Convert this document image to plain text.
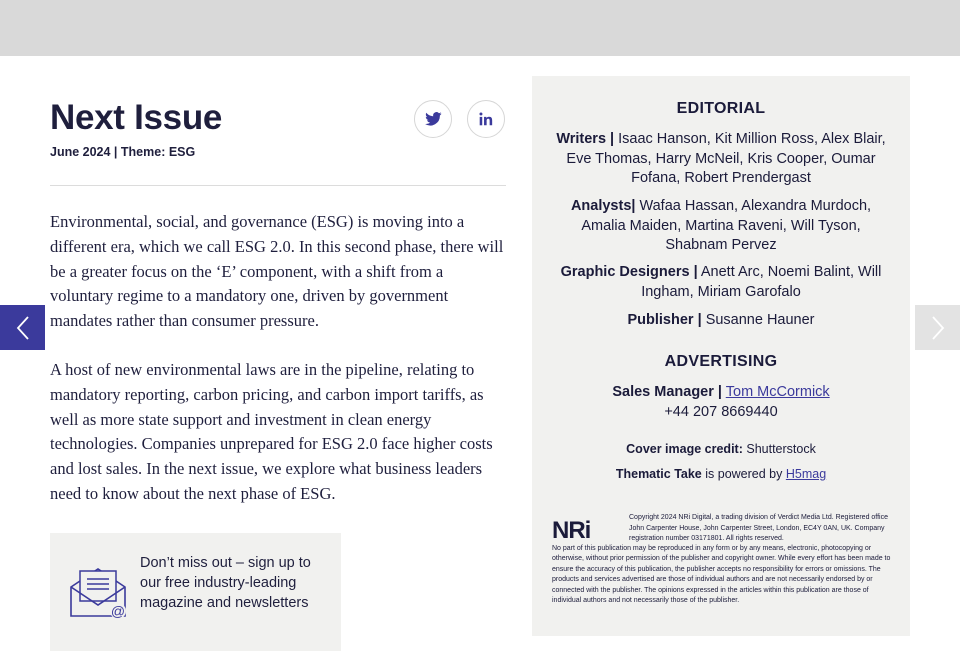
Next Issue
June 2024 | Theme: ESG

Environmental, social, and governance (ESG) is moving into a different era, which we call ESG 2.0. In this second phase, there will be a greater focus on the ‘E’ component, with a shift from a voluntary regime to a mandatory one, driven by government mandates rather than consumer pressure.

A host of new environmental laws are in the pipeline, relating to mandatory reporting, carbon pricing, and carbon import tariffs, as well as more state support and investment in clean energy technologies. Companies unprepared for ESG 2.0 face higher costs and lost sales. In the next issue, we explore what business leaders need to know about the next phase of ESG.

@
Don’t miss out – sign up to our free industry-leading magazine and newsletters
EDITORIAL
Writers | Isaac Hanson, Kit Million Ross, Alex Blair, Eve Thomas, Harry McNeil, Kris Cooper, Oumar Fofana, Robert Prendergast
Analysts| Wafaa Hassan, Alexandra Murdoch, Amalia Maiden, Martina Raveni, Will Tyson, Shabnam Pervez
Graphic Designers | Anett Arc, Noemi Balint, Will Ingham, Miriam Garofalo
Publisher | Susanne Hauner
ADVERTISING
Sales Manager | Tom McCormick
+44 207 8669440
Cover image credit: Shutterstock
Thematic Take is powered by H5mag
NRi	Copyright 2024 NRi Digital, a trading division of Verdict Media Ltd. Registered office John Carpenter House, John Carpenter Street, London, EC4Y 0AN, UK. Company registration number 03171801. All rights reserved.
No part of this publication may be reproduced in any form or by any means, electronic, photocopying or otherwise, without prior permission of the publisher and copyright owner. While every effort has been made to ensure the accuracy of this publication, the publisher accepts no responsibility for errors or omissions. The products and services advertised are those of individual authors and are not necessarily endorsed by or connected with the publisher. The opinions expressed in the articles within this publication are those of individual authors and not necessarily those of the publisher.
